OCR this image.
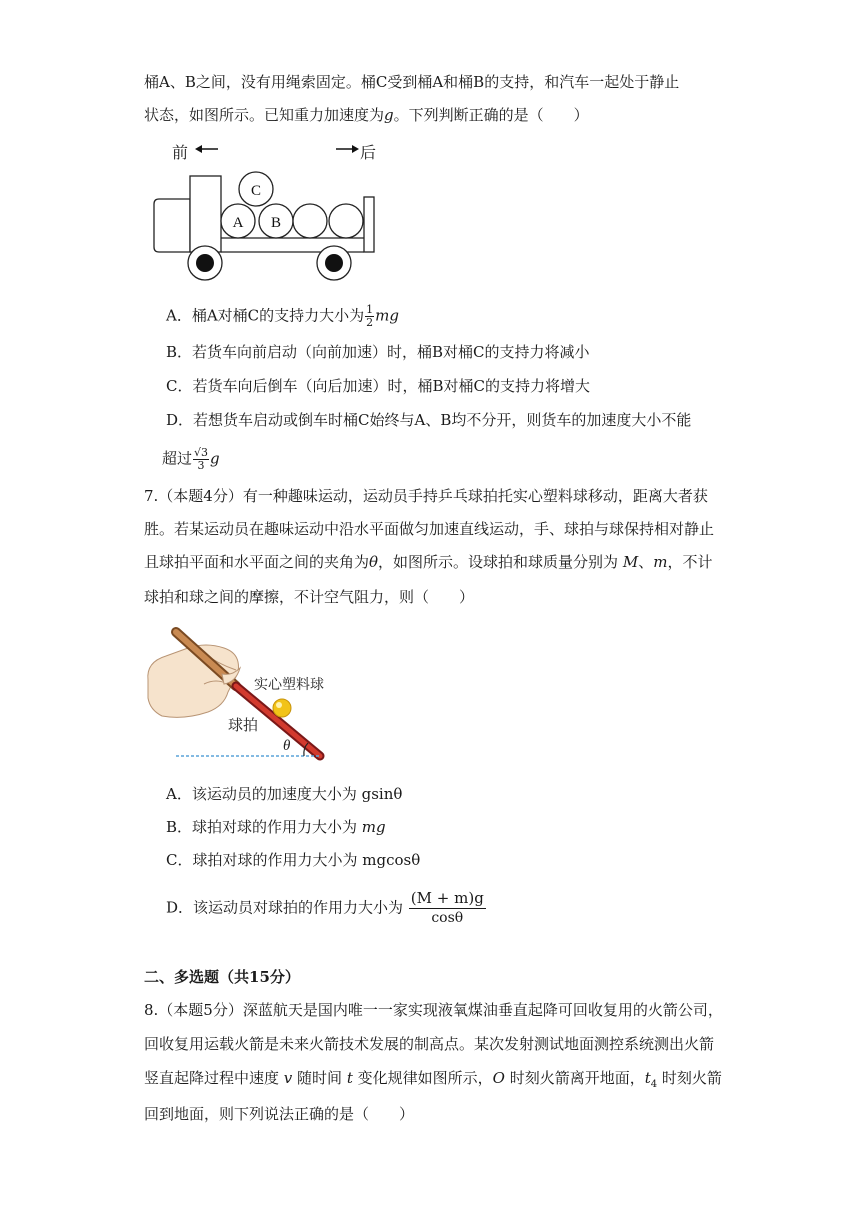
桶A、B之间，没有用绳索固定。桶C受到桶A和桶B的支持，和汽车一起处于静止
状态，如图所示。已知重力加速度为g。下列判断正确的是（　　）
前	后
A B
C
A．桶A对桶C的支持力大小为 $\frac{1}{2}$ mg
B．若货车向前启动（向前加速）时，桶B对桶C的支持力将减小
C．若货车向后倒车（向后加速）时，桶B对桶C的支持力将增大
D．若想货车启动或倒车时桶C始终与A、B均不分开，则货车的加速度大小不能
超过 $\frac{√3}{3}$ g
7.（本题4分）有一种趣味运动，运动员手持乒乓球拍托实心塑料球移动，距离大者获
胜。若某运动员在趣味运动中沿水平面做匀加速直线运动，手、球拍与球保持相对静止
且球拍平面和水平面之间的夹角为θ，如图所示。设球拍和球质量分别为 M、m，不计
球拍和球之间的摩擦，不计空气阻力，则（　　）
实心塑料球
球拍
θ
A．该运动员的加速度大小为 gsinθ
B．球拍对球的作用力大小为 mg
C．球拍对球的作用力大小为 mgcosθ
D．该运动员对球拍的作用力大小为 $\frac{(M + m)g}{\cos\theta}$
二、多选题（共15分）
8.（本题5分）深蓝航天是国内唯一一家实现液氧煤油垂直起降可回收复用的火箭公司，
回收复用运载火箭是未来火箭技术发展的制高点。某次发射测试地面测控系统测出火箭
竖直起降过程中速度 v 随时间 t 变化规律如图所示，O 时刻火箭离开地面，$t_4$ 时刻火箭
回到地面，则下列说法正确的是（　　）
